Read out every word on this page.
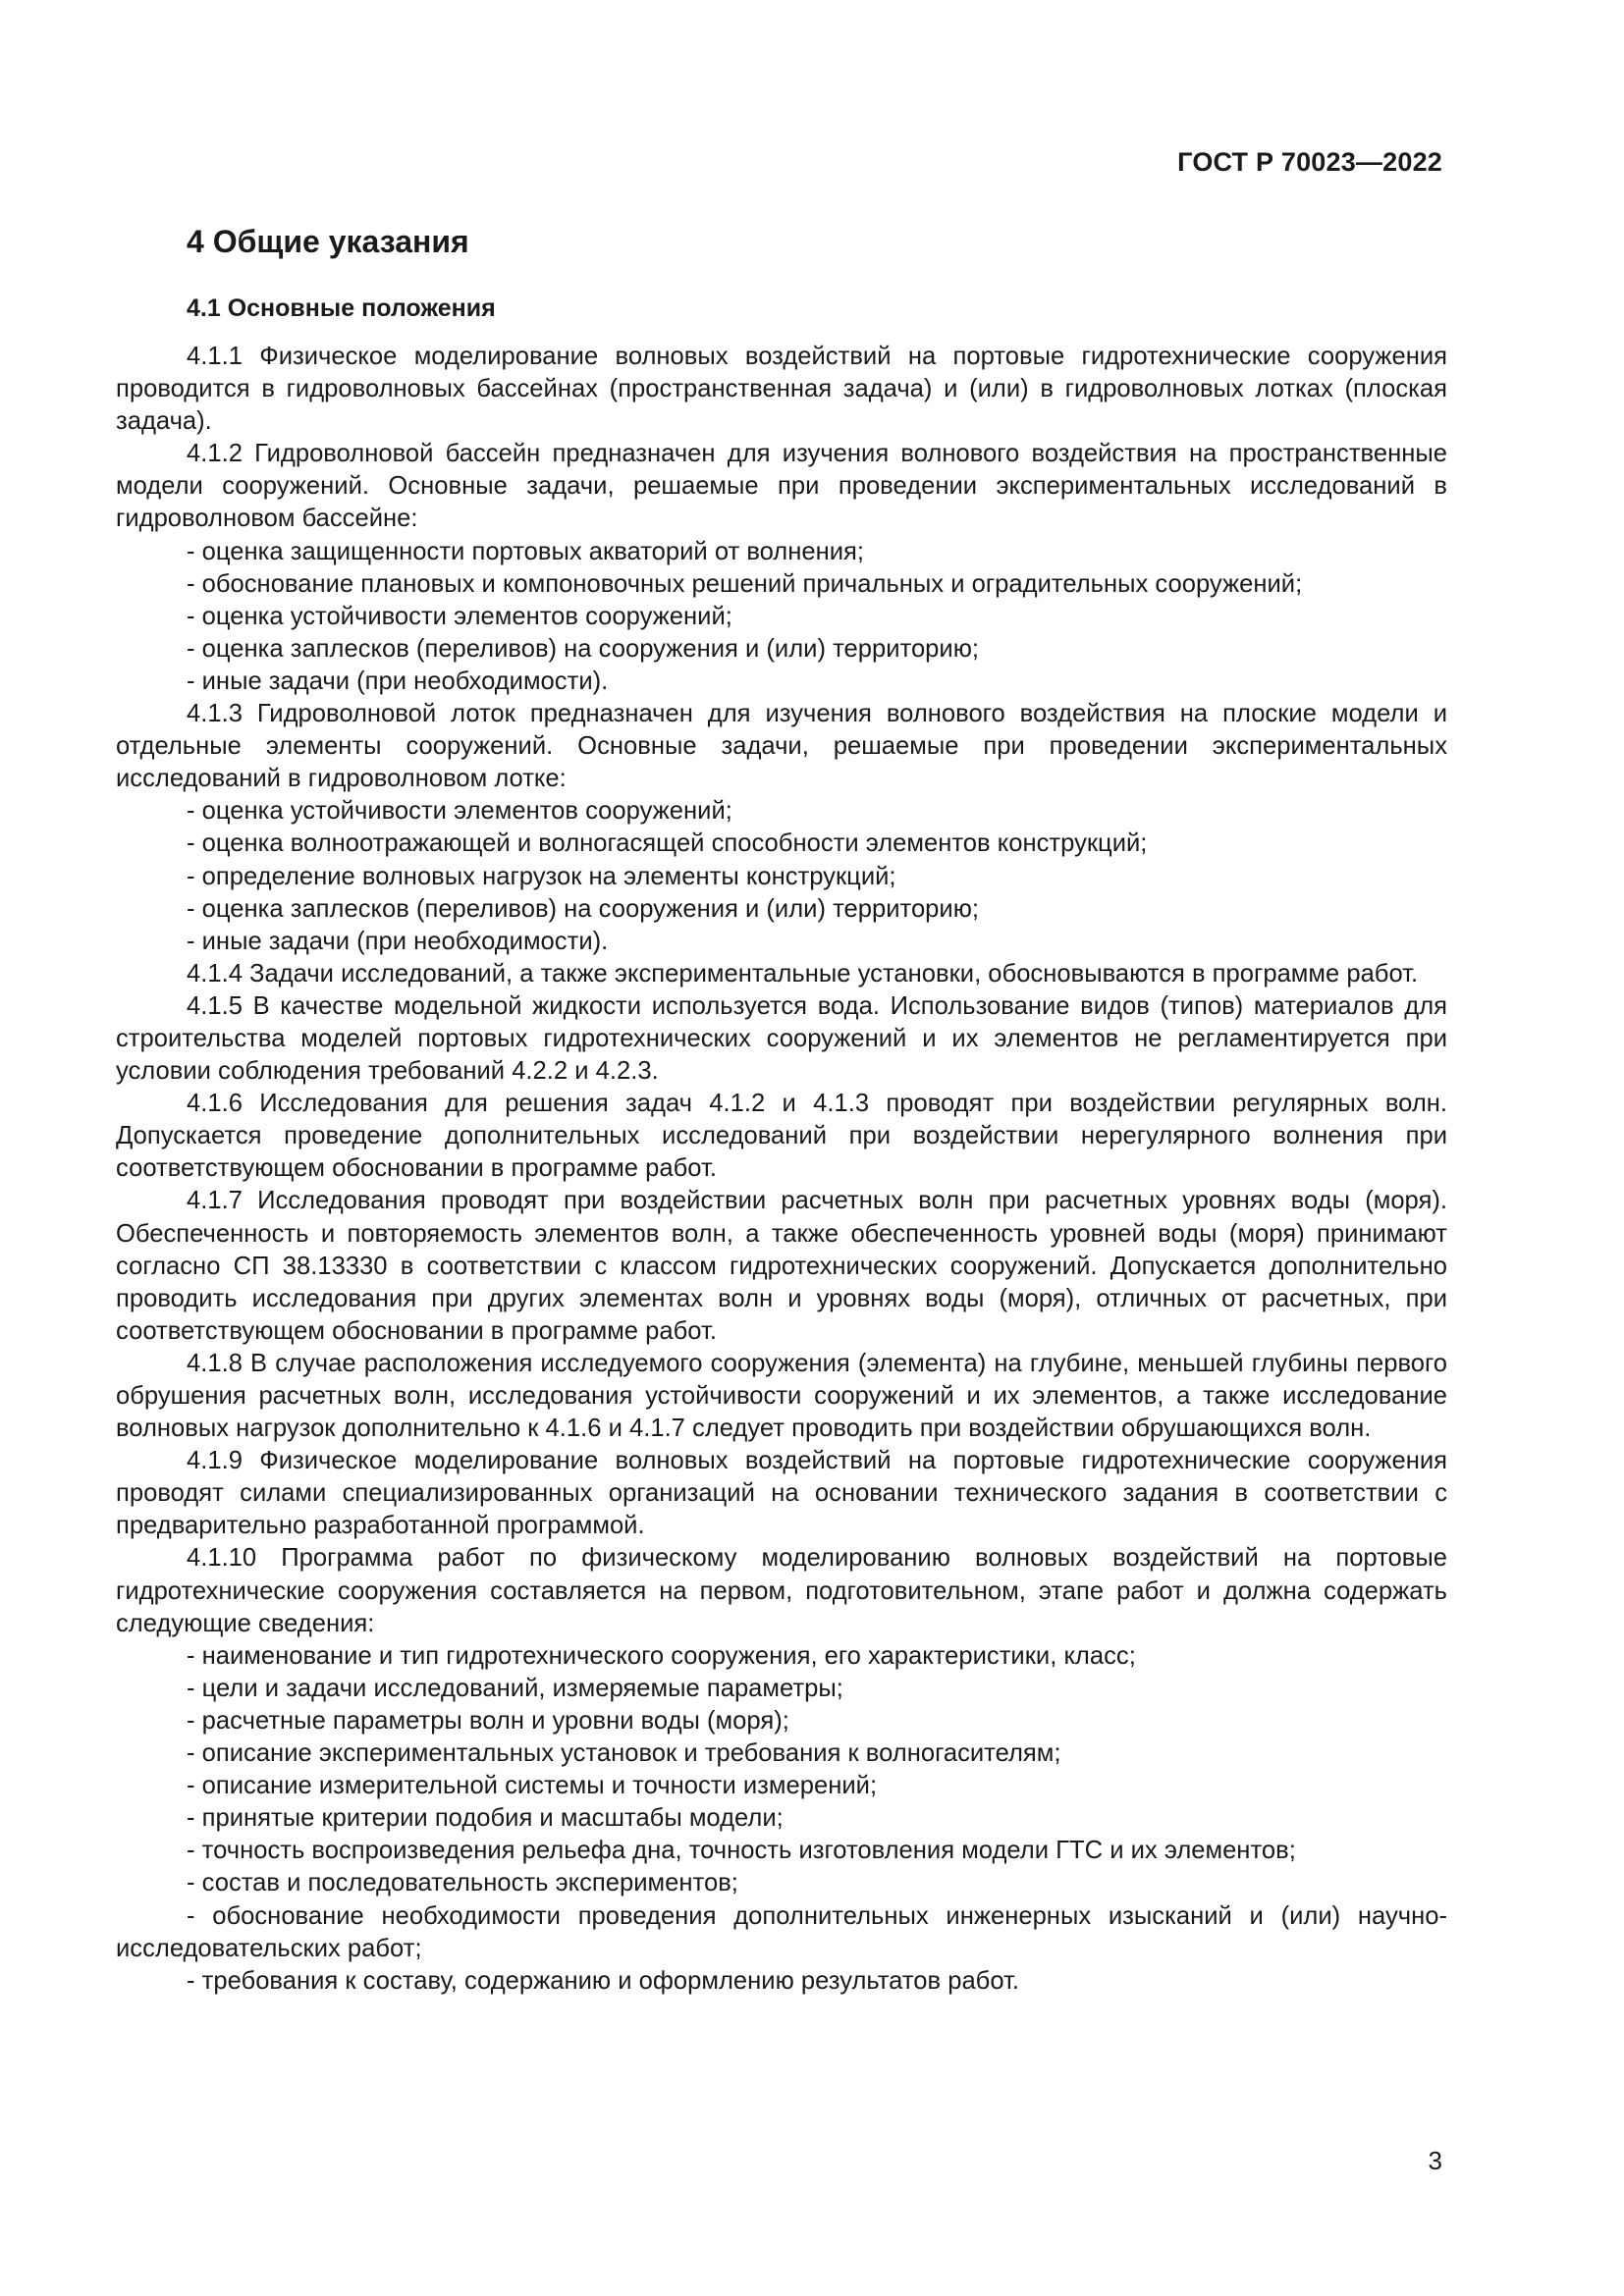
ГОСТ Р 70023—2022
4 Общие указания
4.1 Основные положения

4.1.1 Физическое моделирование волновых воздействий на портовые гидротехнические сооружения проводится в гидроволновых бассейнах (пространственная задача) и (или) в гидроволновых лотках (плоская задача).

4.1.2 Гидроволновой бассейн предназначен для изучения волнового воздействия на пространственные модели сооружений. Основные задачи, решаемые при проведении экспериментальных исследований в гидроволновом бассейне:

- оценка защищенности портовых акваторий от волнения;

- обоснование плановых и компоновочных решений причальных и оградительных сооружений;

- оценка устойчивости элементов сооружений;

- оценка заплесков (переливов) на сооружения и (или) территорию;

- иные задачи (при необходимости).

4.1.3 Гидроволновой лоток предназначен для изучения волнового воздействия на плоские модели и отдельные элементы сооружений. Основные задачи, решаемые при проведении экспериментальных исследований в гидроволновом лотке:

- оценка устойчивости элементов сооружений;

- оценка волноотражающей и волногасящей способности элементов конструкций;

- определение волновых нагрузок на элементы конструкций;

- оценка заплесков (переливов) на сооружения и (или) территорию;

- иные задачи (при необходимости).

4.1.4 Задачи исследований, а также экспериментальные установки, обосновываются в программе работ.

4.1.5 В качестве модельной жидкости используется вода. Использование видов (типов) материалов для строительства моделей портовых гидротехнических сооружений и их элементов не регламентируется при условии соблюдения требований 4.2.2 и 4.2.3.

4.1.6 Исследования для решения задач 4.1.2 и 4.1.3 проводят при воздействии регулярных волн. Допускается проведение дополнительных исследований при воздействии нерегулярного волнения при соответствующем обосновании в программе работ.

4.1.7 Исследования проводят при воздействии расчетных волн при расчетных уровнях воды (моря). Обеспеченность и повторяемость элементов волн, а также обеспеченность уровней воды (моря) принимают согласно СП 38.13330 в соответствии с классом гидротехнических сооружений. Допускается дополнительно проводить исследования при других элементах волн и уровнях воды (моря), отличных от расчетных, при соответствующем обосновании в программе работ.

4.1.8 В случае расположения исследуемого сооружения (элемента) на глубине, меньшей глубины первого обрушения расчетных волн, исследования устойчивости сооружений и их элементов, а также исследование волновых нагрузок дополнительно к 4.1.6 и 4.1.7 следует проводить при воздействии обрушающихся волн.

4.1.9 Физическое моделирование волновых воздействий на портовые гидротехнические сооружения проводят силами специализированных организаций на основании технического задания в соответствии с предварительно разработанной программой.

4.1.10 Программа работ по физическому моделированию волновых воздействий на портовые гидротехнические сооружения составляется на первом, подготовительном, этапе работ и должна содержать следующие сведения:

- наименование и тип гидротехнического сооружения, его характеристики, класс;

- цели и задачи исследований, измеряемые параметры;

- расчетные параметры волн и уровни воды (моря);

- описание экспериментальных установок и требования к волногасителям;

- описание измерительной системы и точности измерений;

- принятые критерии подобия и масштабы модели;

- точность воспроизведения рельефа дна, точность изготовления модели ГТС и их элементов;

- состав и последовательность экспериментов;

- обоснование необходимости проведения дополнительных инженерных изысканий и (или) научно-исследовательских работ;

- требования к составу, содержанию и оформлению результатов работ.

3
